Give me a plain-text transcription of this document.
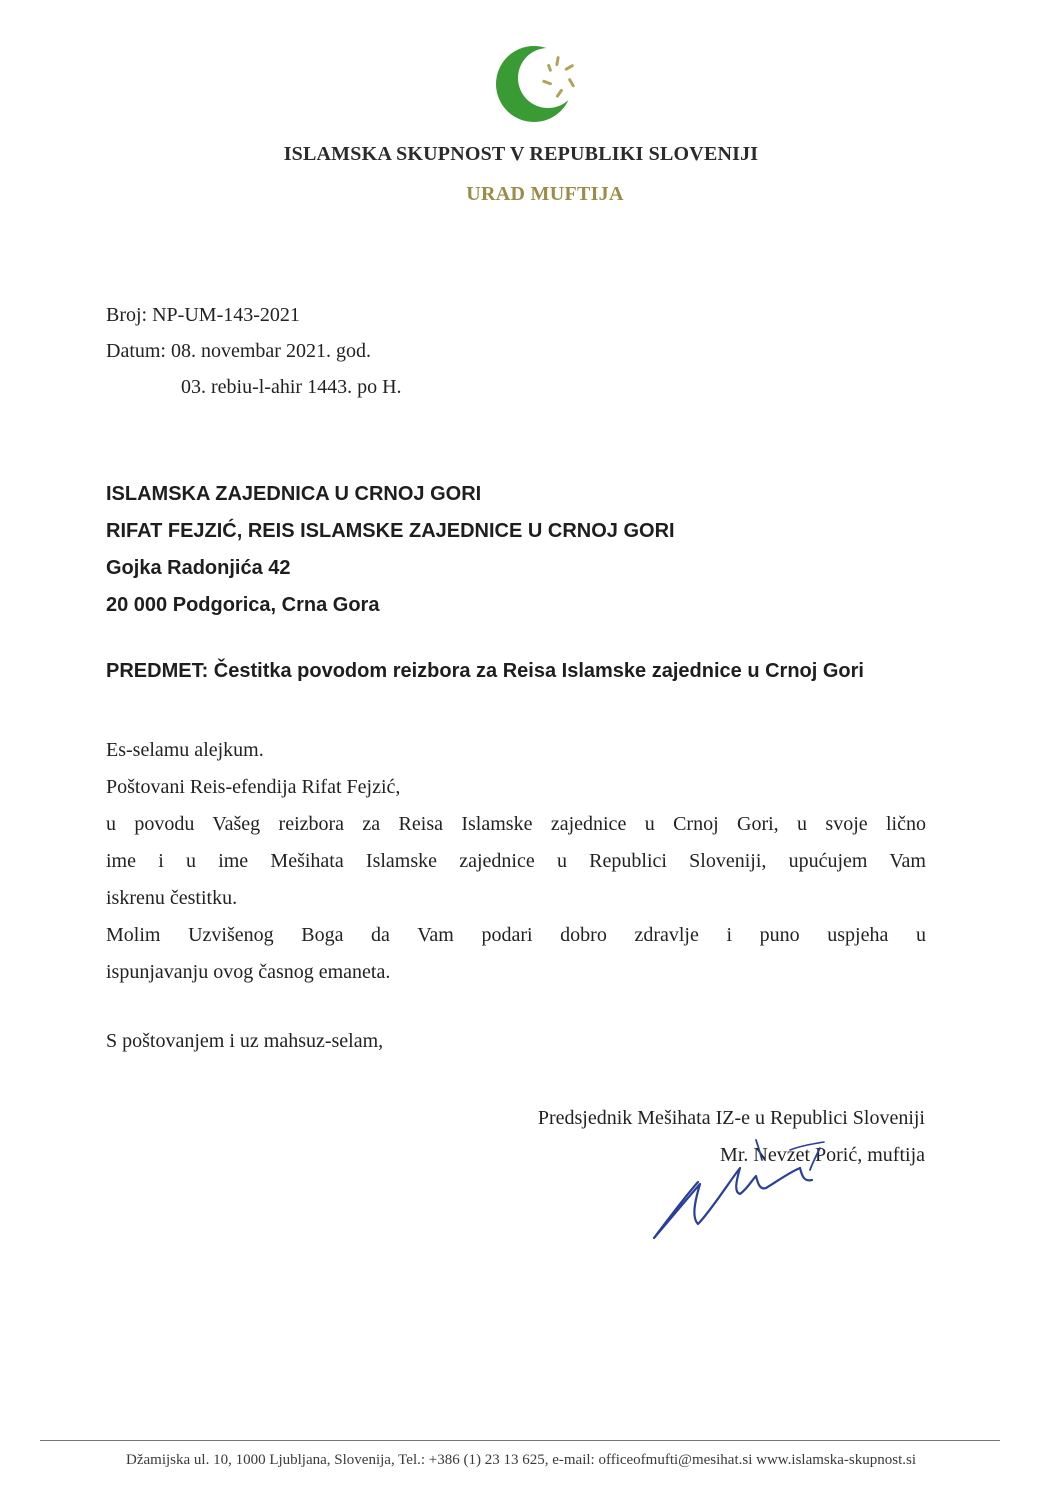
ISLAMSKA SKUPNOST V REPUBLIKI SLOVENIJI
URAD MUFTIJA
Broj: NP-UM-143-2021
Datum: 08. novembar 2021. god.
03. rebiu-l-ahir 1443. po H.
ISLAMSKA ZAJEDNICA U CRNOJ GORI
RIFAT FEJZIĆ, REIS ISLAMSKE ZAJEDNICE U CRNOJ GORI
Gojka Radonjića 42
20 000 Podgorica, Crna Gora
PREDMET: Čestitka povodom reizbora za Reisa Islamske zajednice u Crnoj Gori
Es-selamu alejkum.
Poštovani Reis-efendija Rifat Fejzić,
u povodu Vašeg reizbora za Reisa Islamske zajednice u Crnoj Gori, u svoje lično
ime i u ime Mešihata Islamske zajednice u Republici Sloveniji, upućujem Vam
iskrenu čestitku.
Molim Uzvišenog Boga da Vam podari dobro zdravlje i puno uspjeha u
ispunjavanju ovog časnog emaneta.
S poštovanjem i uz mahsuz-selam,
Predsjednik Mešihata IZ-e u Republici Sloveniji
Mr. Nevzet Porić, muftija
Džamijska ul. 10, 1000 Ljubljana, Slovenija, Tel.: +386 (1) 23 13 625, e-mail: officeofmufti@mesihat.si www.islamska-skupnost.si
